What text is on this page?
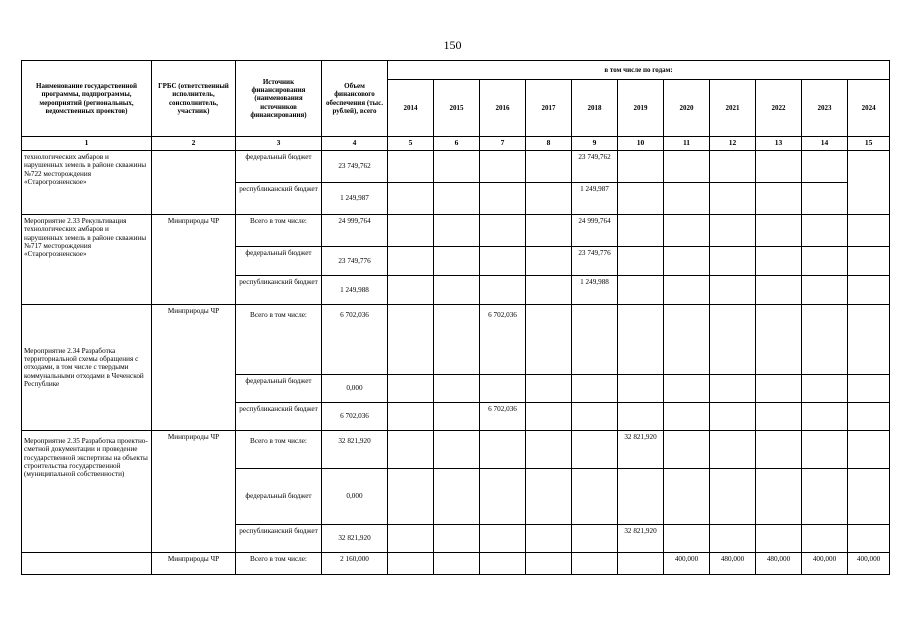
150
Наименование государственной программы, подпрограммы, мероприятий (региональных, ведомственных проектов)	ГРБС (ответственный исполнитель, соисполнитель, участник)	Источник финансирования (наименования источников финансирования)	Объем финансового обеспечения (тыс. рублей), всего	в том числе по годам:										
				2014	2015	2016	2017	2018	2019	2020	2021	2022	2023	2024
1	2	3	4	5	6	7	8	9	10	11	12	13	14	15
технологических амбаров и нарушенных земель в районе скважины №722 месторождения «Старогрозненское»		федеральный бюджет	23 749,762					23 749,762						
		республиканский бюджет	1 249,987					1 249,987						
Мероприятие 2.33 Рекультивация технологических амбаров и нарушенных земель в районе скважины №717 месторождения «Старогрозненское»	Минприроды ЧР	Всего в том числе:	24 999,764					24 999,764						
		федеральный бюджет	23 749,776					23 749,776						
		республиканский бюджет	1 249,988					1 249,988						
Мероприятие 2.34 Разработка территориальной схемы обращения с отходами, в том числе с твердыми коммунальными отходами в Чеченской Республике	Минприроды ЧР	Всего в том числе:	6 702,036			6 702,036								
		федеральный бюджет	0,000											
		республиканский бюджет	6 702,036			6 702,036								
Мероприятие 2.35 Разработка проектно-сметной документации и проведение государственной экспертизы на объекты строительства государственной (муниципальной собственности)	Минприроды ЧР	Всего в том числе:	32 821,920						32 821,920					
		федеральный бюджет	0,000											
		республиканский бюджет	32 821,920						32 821,920					
	Минприроды ЧР	Всего в том числе:	2 160,000							400,000	480,000	480,000	400,000	400,000
